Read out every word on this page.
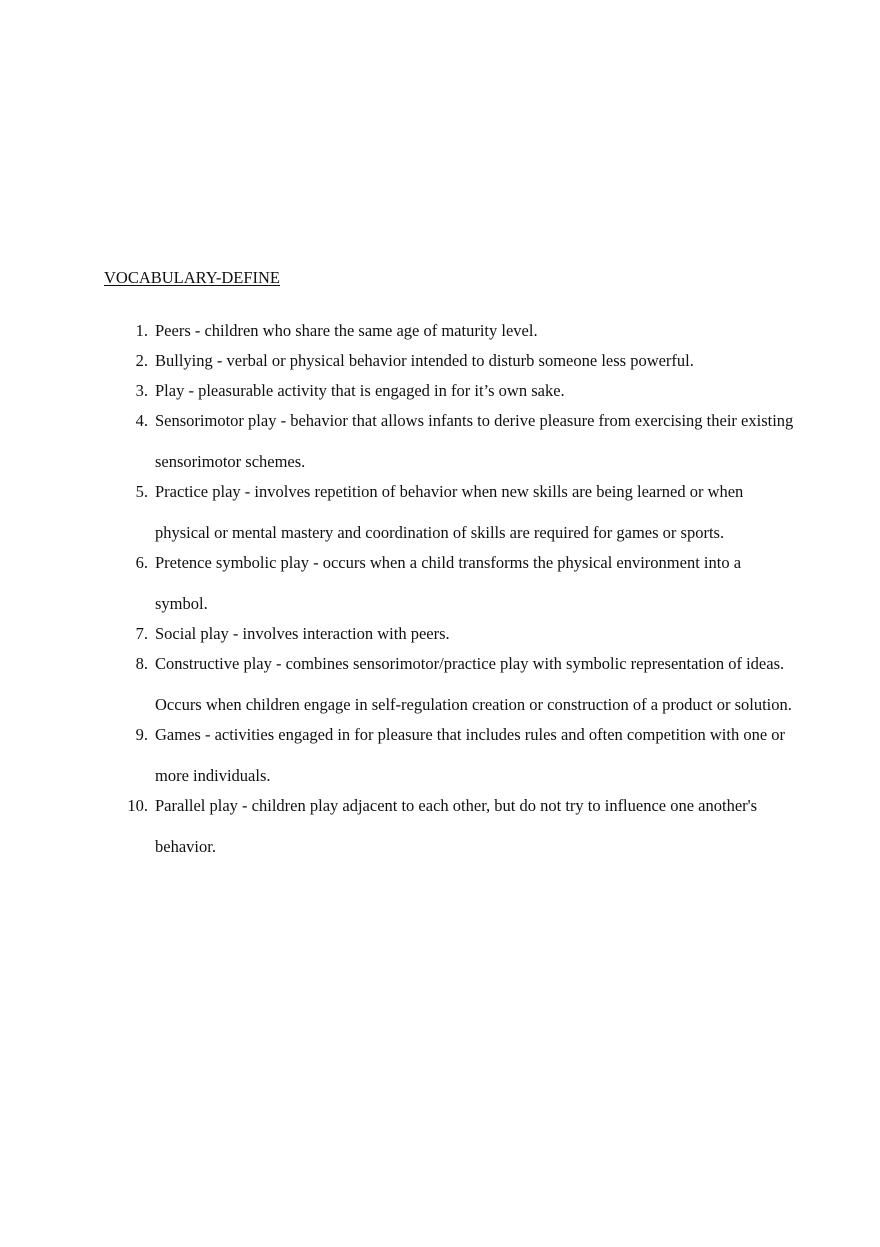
VOCABULARY-DEFINE
1. Peers - children who share the same age of maturity level.
2. Bullying - verbal or physical behavior intended to disturb someone less powerful.
3. Play - pleasurable activity that is engaged in for it’s own sake.
4. Sensorimotor play - behavior that allows infants to derive pleasure from exercising their existing sensorimotor schemes.
5. Practice play - involves repetition of behavior when new skills are being learned or when physical or mental mastery and coordination of skills are required for games or sports.
6. Pretence symbolic play - occurs when a child transforms the physical environment into a symbol.
7. Social play - involves interaction with peers.
8. Constructive play - combines sensorimotor/practice play with symbolic representation of ideas. Occurs when children engage in self-regulation creation or construction of a product or solution.
9. Games - activities engaged in for pleasure that includes rules and often competition with one or more individuals.
10. Parallel play - children play adjacent to each other, but do not try to influence one another's behavior.
